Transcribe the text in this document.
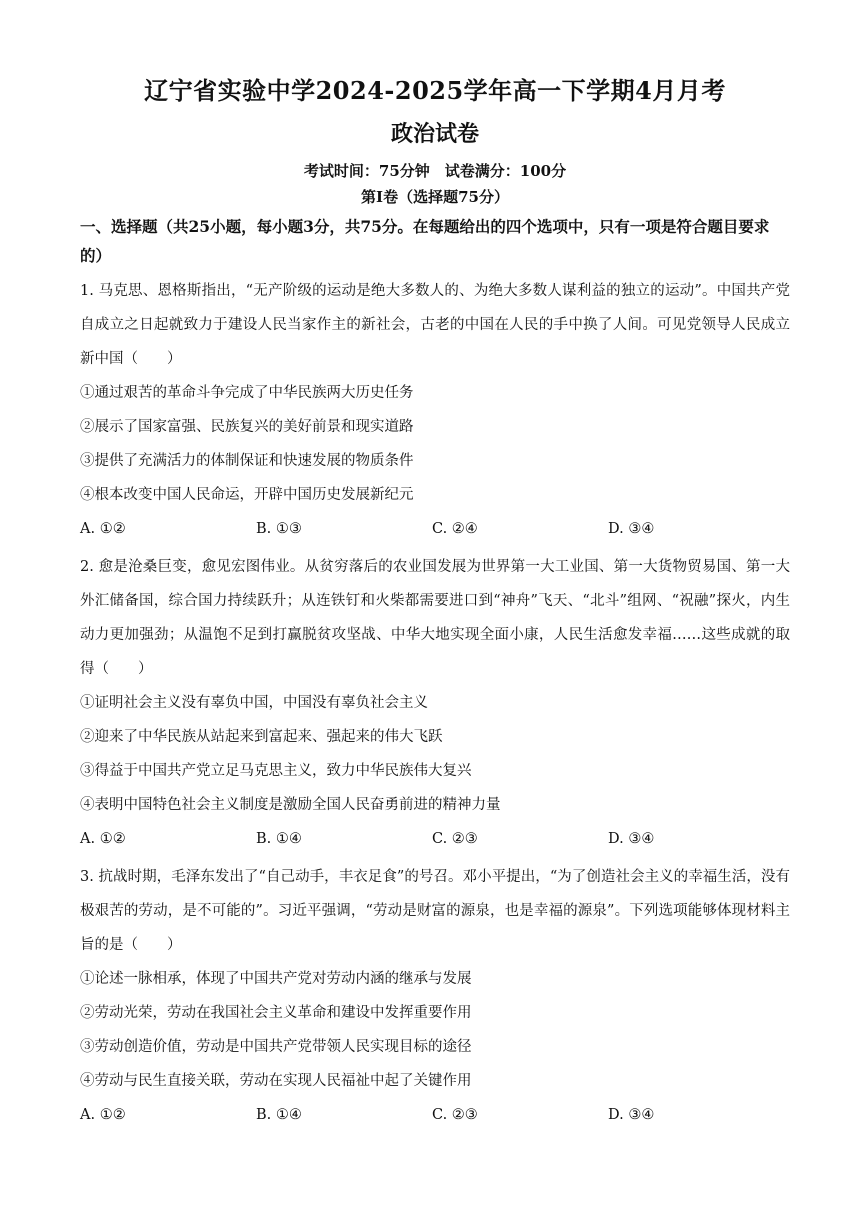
辽宁省实验中学2024-2025学年高一下学期4月月考
政治试卷
考试时间：75分钟　试卷满分：100分
第Ⅰ卷（选择题75分）
一、选择题（共25小题，每小题3分，共75分。在每题给出的四个选项中，只有一项是符合题目要求的）
1. 马克思、恩格斯指出，“无产阶级的运动是绝大多数人的、为绝大多数人谋利益的独立的运动”。中国共产党自成立之日起就致力于建设人民当家作主的新社会，古老的中国在人民的手中换了人间。可见党领导人民成立新中国（　　）
①通过艰苦的革命斗争完成了中华民族两大历史任务
②展示了国家富强、民族复兴的美好前景和现实道路
③提供了充满活力的体制保证和快速发展的物质条件
④根本改变中国人民命运，开辟中国历史发展新纪元
A. ①②	B. ①③	C. ②④	D. ③④
2. 愈是沧桑巨变，愈见宏图伟业。从贫穷落后的农业国发展为世界第一大工业国、第一大货物贸易国、第一大外汇储备国，综合国力持续跃升；从连铁钉和火柴都需要进口到“神舟”飞天、“北斗”组网、“祝融”探火，内生动力更加强劲；从温饱不足到打赢脱贫攻坚战、中华大地实现全面小康，人民生活愈发幸福……这些成就的取得（　　）
①证明社会主义没有辜负中国，中国没有辜负社会主义
②迎来了中华民族从站起来到富起来、强起来的伟大飞跃
③得益于中国共产党立足马克思主义，致力中华民族伟大复兴
④表明中国特色社会主义制度是激励全国人民奋勇前进的精神力量
A. ①②	B. ①④	C. ②③	D. ③④
3. 抗战时期，毛泽东发出了“自己动手，丰衣足食”的号召。邓小平提出，“为了创造社会主义的幸福生活，没有极艰苦的劳动，是不可能的”。习近平强调，“劳动是财富的源泉，也是幸福的源泉”。下列选项能够体现材料主旨的是（　　）
①论述一脉相承，体现了中国共产党对劳动内涵的继承与发展
②劳动光荣，劳动在我国社会主义革命和建设中发挥重要作用
③劳动创造价值，劳动是中国共产党带领人民实现目标的途径
④劳动与民生直接关联，劳动在实现人民福祉中起了关键作用
A. ①②	B. ①④	C. ②③	D. ③④
